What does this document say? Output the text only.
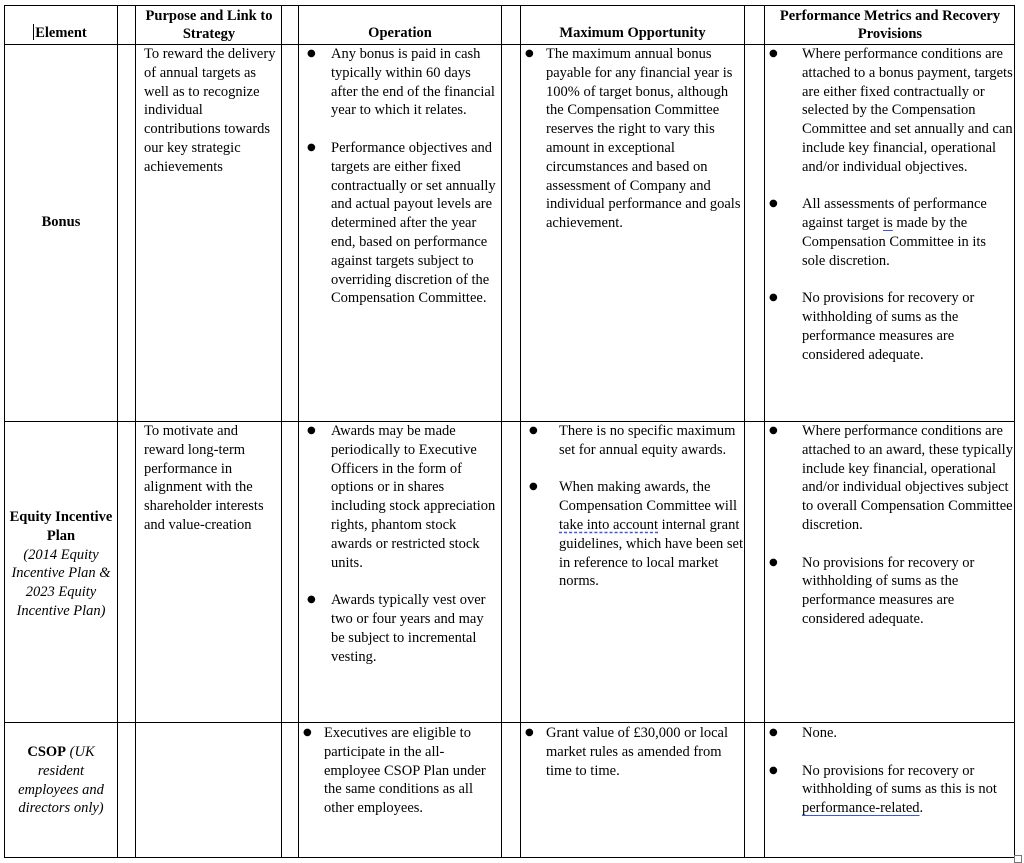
Element
Purpose and Link to Strategy	Operation	Maximum Opportunity
Performance Metrics and Recovery Provisions
Bonus
To reward the delivery of annual targets as well as to recognize individual contributions towards our key strategic achievements
● Any bonus is paid in cash typically within 60 days after the end of the financial year to which it relates.
● Performance objectives and targets are either fixed contractually or set annually and actual payout levels are determined after the year end, based on performance against targets subject to overriding discretion of the Compensation Committee.
● The maximum annual bonus payable for any financial year is 100% of target bonus, although the Compensation Committee reserves the right to vary this amount in exceptional circumstances and based on assessment of Company and individual performance and goals achievement.
● Where performance conditions are attached to a bonus payment, targets are either fixed contractually or selected by the Compensation Committee and set annually and can include key financial, operational and/or individual objectives.
● All assessments of performance against target is made by the Compensation Committee in its sole discretion.
● No provisions for recovery or withholding of sums as the performance measures are considered adequate.
Equity Incentive Plan
(2014 Equity Incentive Plan & 2023 Equity Incentive Plan)
To motivate and reward long-term performance in alignment with the shareholder interests and value-creation
● Awards may be made periodically to Executive Officers in the form of options or in shares including stock appreciation rights, phantom stock awards or restricted stock units.
● Awards typically vest over two or four years and may be subject to incremental vesting.
● There is no specific maximum set for annual equity awards.
● When making awards, the Compensation Committee will take into account internal grant guidelines, which have been set in reference to local market norms.
● Where performance conditions are attached to an award, these typically include key financial, operational and/or individual objectives subject to overall Compensation Committee discretion.
● No provisions for recovery or withholding of sums as the performance measures are considered adequate.
CSOP (UK resident employees and directors only)
● Executives are eligible to participate in the all-employee CSOP Plan under the same conditions as all other employees.
● Grant value of £30,000 or local market rules as amended from time to time.
● None.
● No provisions for recovery or withholding of sums as this is not performance-related.
